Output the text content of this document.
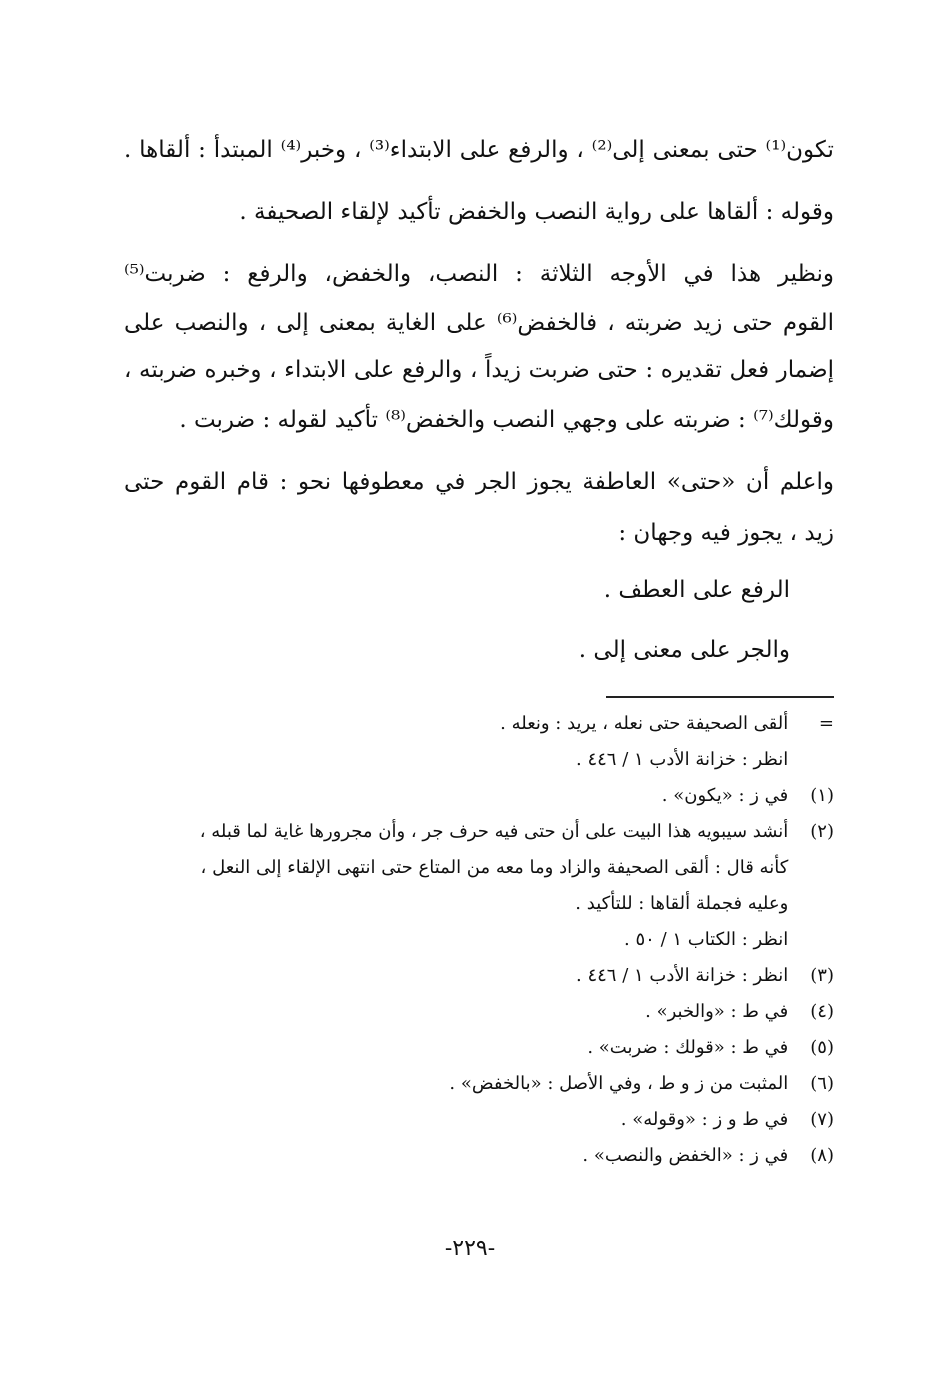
تكون⁽¹⁾ حتى بمعنى إلى⁽²⁾ ، والرفع على الابتداء⁽³⁾ ، وخبر⁽⁴⁾ المبتدأ : ألقاها .
وقوله : ألقاها على رواية النصب والخفض تأكيد لإلقاء الصحيفة .
ونظير هذا في الأوجه الثلاثة : النصب، والخفض، والرفع : ضربت⁽⁵⁾
القوم حتى زيد ضربته ، فالخفض⁽⁶⁾ على الغاية بمعنى إلى ، والنصب على
إضمار فعل تقديره : حتى ضربت زيداً ، والرفع على الابتداء ، وخبره ضربته ،
وقولك⁽⁷⁾ : ضربته على وجهي النصب والخفض⁽⁸⁾ تأكيد لقوله : ضربت .
واعلم أن «حتى» العاطفة يجوز الجر في معطوفها نحو : قام القوم حتى
زيد ، يجوز فيه وجهان :
الرفع على العطف .
والجر على معنى إلى .
= ألقى الصحيفة حتى نعله ، يريد : ونعله .
انظر : خزانة الأدب ١ / ٤٤٦ .
(١) في ز : «يكون» .
(٢) أنشد سيبويه هذا البيت على أن حتى فيه حرف جر ، وأن مجرورها غاية لما قبله ،
كأنه قال : ألقى الصحيفة والزاد وما معه من المتاع حتى انتهى الإلقاء إلى النعل ،
وعليه فجملة ألقاها : للتأكيد .
انظر : الكتاب ١ / ٥٠ .
(٣) انظر : خزانة الأدب ١ / ٤٤٦ .
(٤) في ط : «والخبر» .
(٥) في ط : «قولك : ضربت» .
(٦) المثبت من ز و ط ، وفي الأصل : «بالخفض» .
(٧) في ط و ز : «وقوله» .
(٨) في ز : «الخفض والنصب» .
-٢٢٩-
